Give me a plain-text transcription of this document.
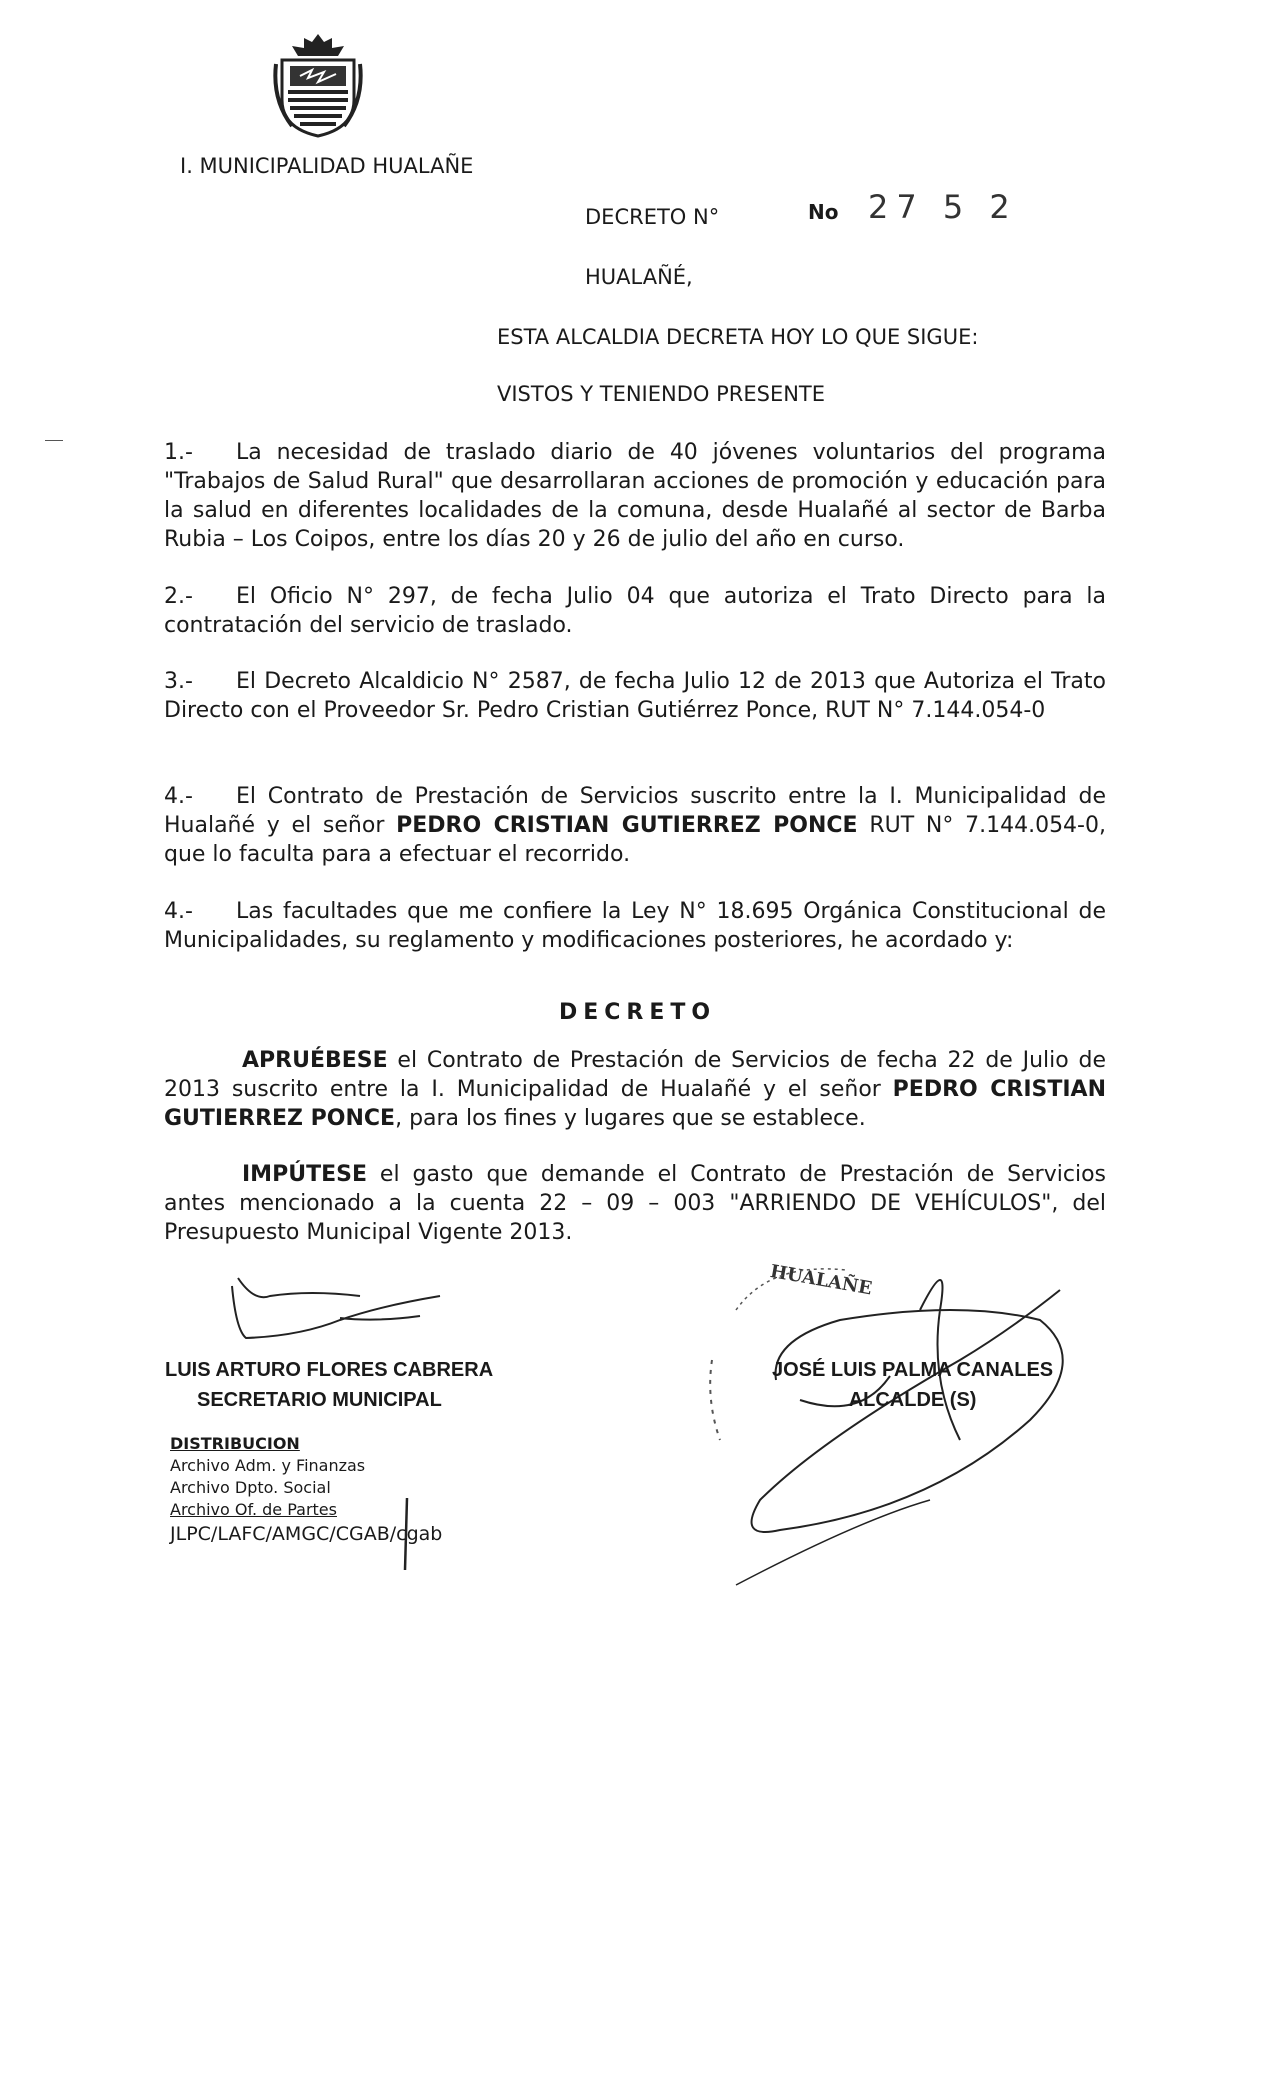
I. MUNICIPALIDAD HUALAÑE
DECRETO N°	No 27 5 2
HUALAÑÉ,
ESTA ALCALDIA DECRETA HOY LO QUE SIGUE:
VISTOS Y TENIENDO PRESENTE
1.- La necesidad de traslado diario de 40 jóvenes voluntarios del programa "Trabajos de Salud Rural" que desarrollaran acciones de promoción y educación para la salud en diferentes localidades de la comuna, desde Hualañé al sector de Barba Rubia – Los Coipos, entre los días 20 y 26 de julio del año en curso.
2.- El Oficio N° 297, de fecha Julio 04 que autoriza el Trato Directo para la contratación del servicio de traslado.
3.- El Decreto Alcaldicio N° 2587, de fecha Julio 12 de 2013 que Autoriza el Trato Directo con el Proveedor Sr. Pedro Cristian Gutiérrez Ponce, RUT N° 7.144.054-0
4.- El Contrato de Prestación de Servicios suscrito entre la I. Municipalidad de Hualañé y el señor PEDRO CRISTIAN GUTIERREZ PONCE RUT N° 7.144.054-0, que lo faculta para a efectuar el recorrido.
4.- Las facultades que me confiere la Ley N° 18.695 Orgánica Constitucional de Municipalidades, su reglamento y modificaciones posteriores, he acordado y:
DECRETO
APRUÉBESE el Contrato de Prestación de Servicios de fecha 22 de Julio de 2013 suscrito entre la I. Municipalidad de Hualañé y el señor PEDRO CRISTIAN GUTIERREZ PONCE, para los fines y lugares que se establece.
IMPÚTESE el gasto que demande el Contrato de Prestación de Servicios antes mencionado a la cuenta 22 – 09 – 003 "ARRIENDO DE VEHÍCULOS", del Presupuesto Municipal Vigente 2013.
HUALAÑE
LUIS ARTURO FLORES CABRERA
SECRETARIO MUNICIPAL
JOSÉ LUIS PALMA CANALES
ALCALDE (S)
DISTRIBUCION
Archivo Adm. y Finanzas
Archivo Dpto. Social
Archivo Of. de Partes
JLPC/LAFC/AMGC/CGAB/cgab
